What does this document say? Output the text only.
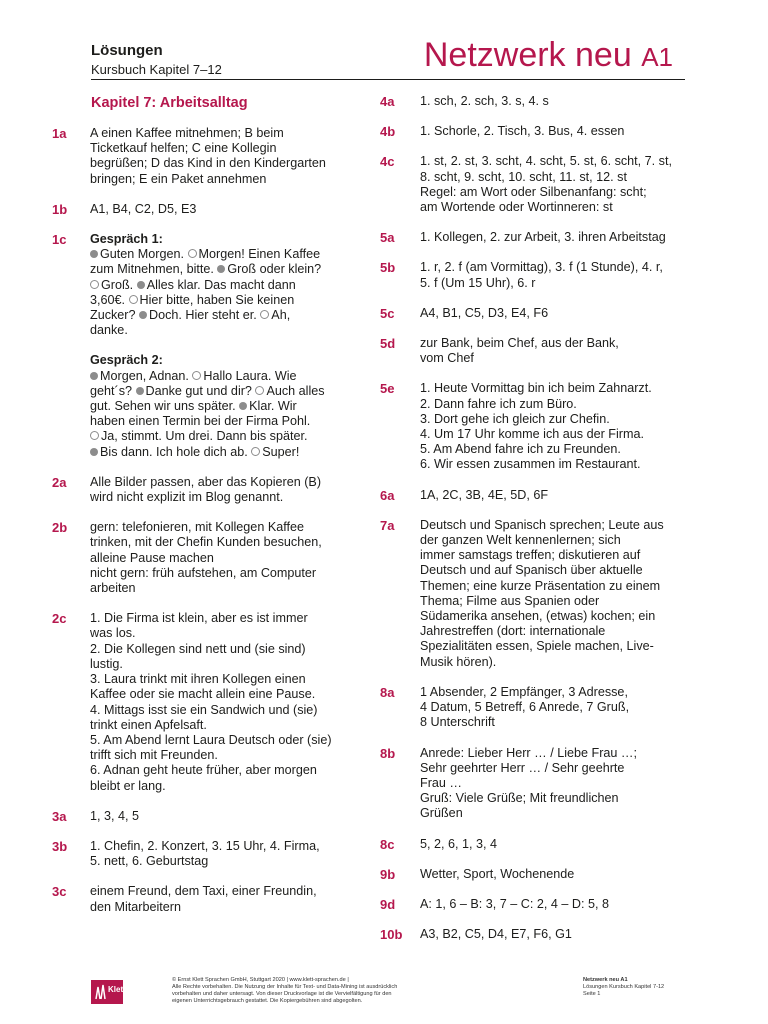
Lösungen
Kursbuch Kapitel 7–12	Netzwerk neu A1
Kapitel 7: Arbeitsalltag
1a	A einen Kaffee mitnehmen; B beim
Ticketkauf helfen; C eine Kollegin
begrüßen; D das Kind in den Kindergarten
bringen; E ein Paket annehmen
1b	A1, B4, C2, D5, E3
1c	Gespräch 1:
Guten Morgen. Morgen! Einen Kaffee
zum Mitnehmen, bitte. Groß oder klein?
Groß. Alles klar. Das macht dann
3,60€. Hier bitte, haben Sie keinen
Zucker? Doch. Hier steht er. Ah,
danke.
Gespräch 2:
Morgen, Adnan. Hallo Laura. Wie
geht´s? Danke gut und dir? Auch alles
gut. Sehen wir uns später. Klar. Wir
haben einen Termin bei der Firma Pohl.
Ja, stimmt. Um drei. Dann bis später.
Bis dann. Ich hole dich ab. Super!
2a	Alle Bilder passen, aber das Kopieren (B)
wird nicht explizit im Blog genannt.
2b	gern: telefonieren, mit Kollegen Kaffee
trinken, mit der Chefin Kunden besuchen,
alleine Pause machen
nicht gern: früh aufstehen, am Computer
arbeiten
2c	1. Die Firma ist klein, aber es ist immer
was los.
2. Die Kollegen sind nett und (sie sind)
lustig.
3. Laura trinkt mit ihren Kollegen einen
Kaffee oder sie macht allein eine Pause.
4. Mittags isst sie ein Sandwich und (sie)
trinkt einen Apfelsaft.
5. Am Abend lernt Laura Deutsch oder (sie)
trifft sich mit Freunden.
6. Adnan geht heute früher, aber morgen
bleibt er lang.
3a	1, 3, 4, 5
3b	1. Chefin, 2. Konzert, 3. 15 Uhr, 4. Firma,
5. nett, 6. Geburtstag
3c	einem Freund, dem Taxi, einer Freundin,
den Mitarbeitern
4a	1. sch, 2. sch, 3. s, 4. s
4b	1. Schorle, 2. Tisch, 3. Bus, 4. essen
4c	1. st, 2. st, 3. scht, 4. scht, 5. st, 6. scht, 7. st,
8. scht, 9. scht, 10. scht, 11. st, 12. st
Regel: am Wort oder Silbenanfang: scht;
am Wortende oder Wortinneren: st
5a	1. Kollegen, 2. zur Arbeit, 3. ihren Arbeitstag
5b	1. r, 2. f (am Vormittag), 3. f (1 Stunde), 4. r,
5. f (Um 15 Uhr), 6. r
5c	A4, B1, C5, D3, E4, F6
5d	zur Bank, beim Chef, aus der Bank,
vom Chef
5e	1. Heute Vormittag bin ich beim Zahnarzt.
2. Dann fahre ich zum Büro.
3. Dort gehe ich gleich zur Chefin.
4. Um 17 Uhr komme ich aus der Firma.
5. Am Abend fahre ich zu Freunden.
6. Wir essen zusammen im Restaurant.
6a	1A, 2C, 3B, 4E, 5D, 6F
7a	Deutsch und Spanisch sprechen; Leute aus
der ganzen Welt kennenlernen; sich
immer samstags treffen; diskutieren auf
Deutsch und auf Spanisch über aktuelle
Themen; eine kurze Präsentation zu einem
Thema; Filme aus Spanien oder
Südamerika ansehen, (etwas) kochen; ein
Jahrestreffen (dort: internationale
Spezialitäten essen, Spiele machen, Live-
Musik hören).
8a	1 Absender, 2 Empfänger, 3 Adresse,
4 Datum, 5 Betreff, 6 Anrede, 7 Gruß,
8 Unterschrift
8b	Anrede: Lieber Herr … / Liebe Frau …;
Sehr geehrter Herr … / Sehr geehrte
Frau …
Gruß: Viele Grüße; Mit freundlichen
Grüßen
8c	5, 2, 6, 1, 3, 4
9b	Wetter, Sport, Wochenende
9d	A: 1, 6 – B: 3, 7 – C: 2, 4 – D: 5, 8
10b	A3, B2, C5, D4, E7, F6, G1
Klett
© Ernst Klett Sprachen GmbH, Stuttgart 2020 | www.klett-sprachen.de |
Alle Rechte vorbehalten. Die Nutzung der Inhalte für Text- und Data-Mining ist ausdrücklich
vorbehalten und daher untersagt. Von dieser Druckvorlage ist die Vervielfältigung für den
eigenen Unterrichtsgebrauch gestattet. Die Kopiergebühren sind abgegolten.
Netzwerk neu A1
Lösungen Kursbuch Kapitel 7-12
Seite 1
